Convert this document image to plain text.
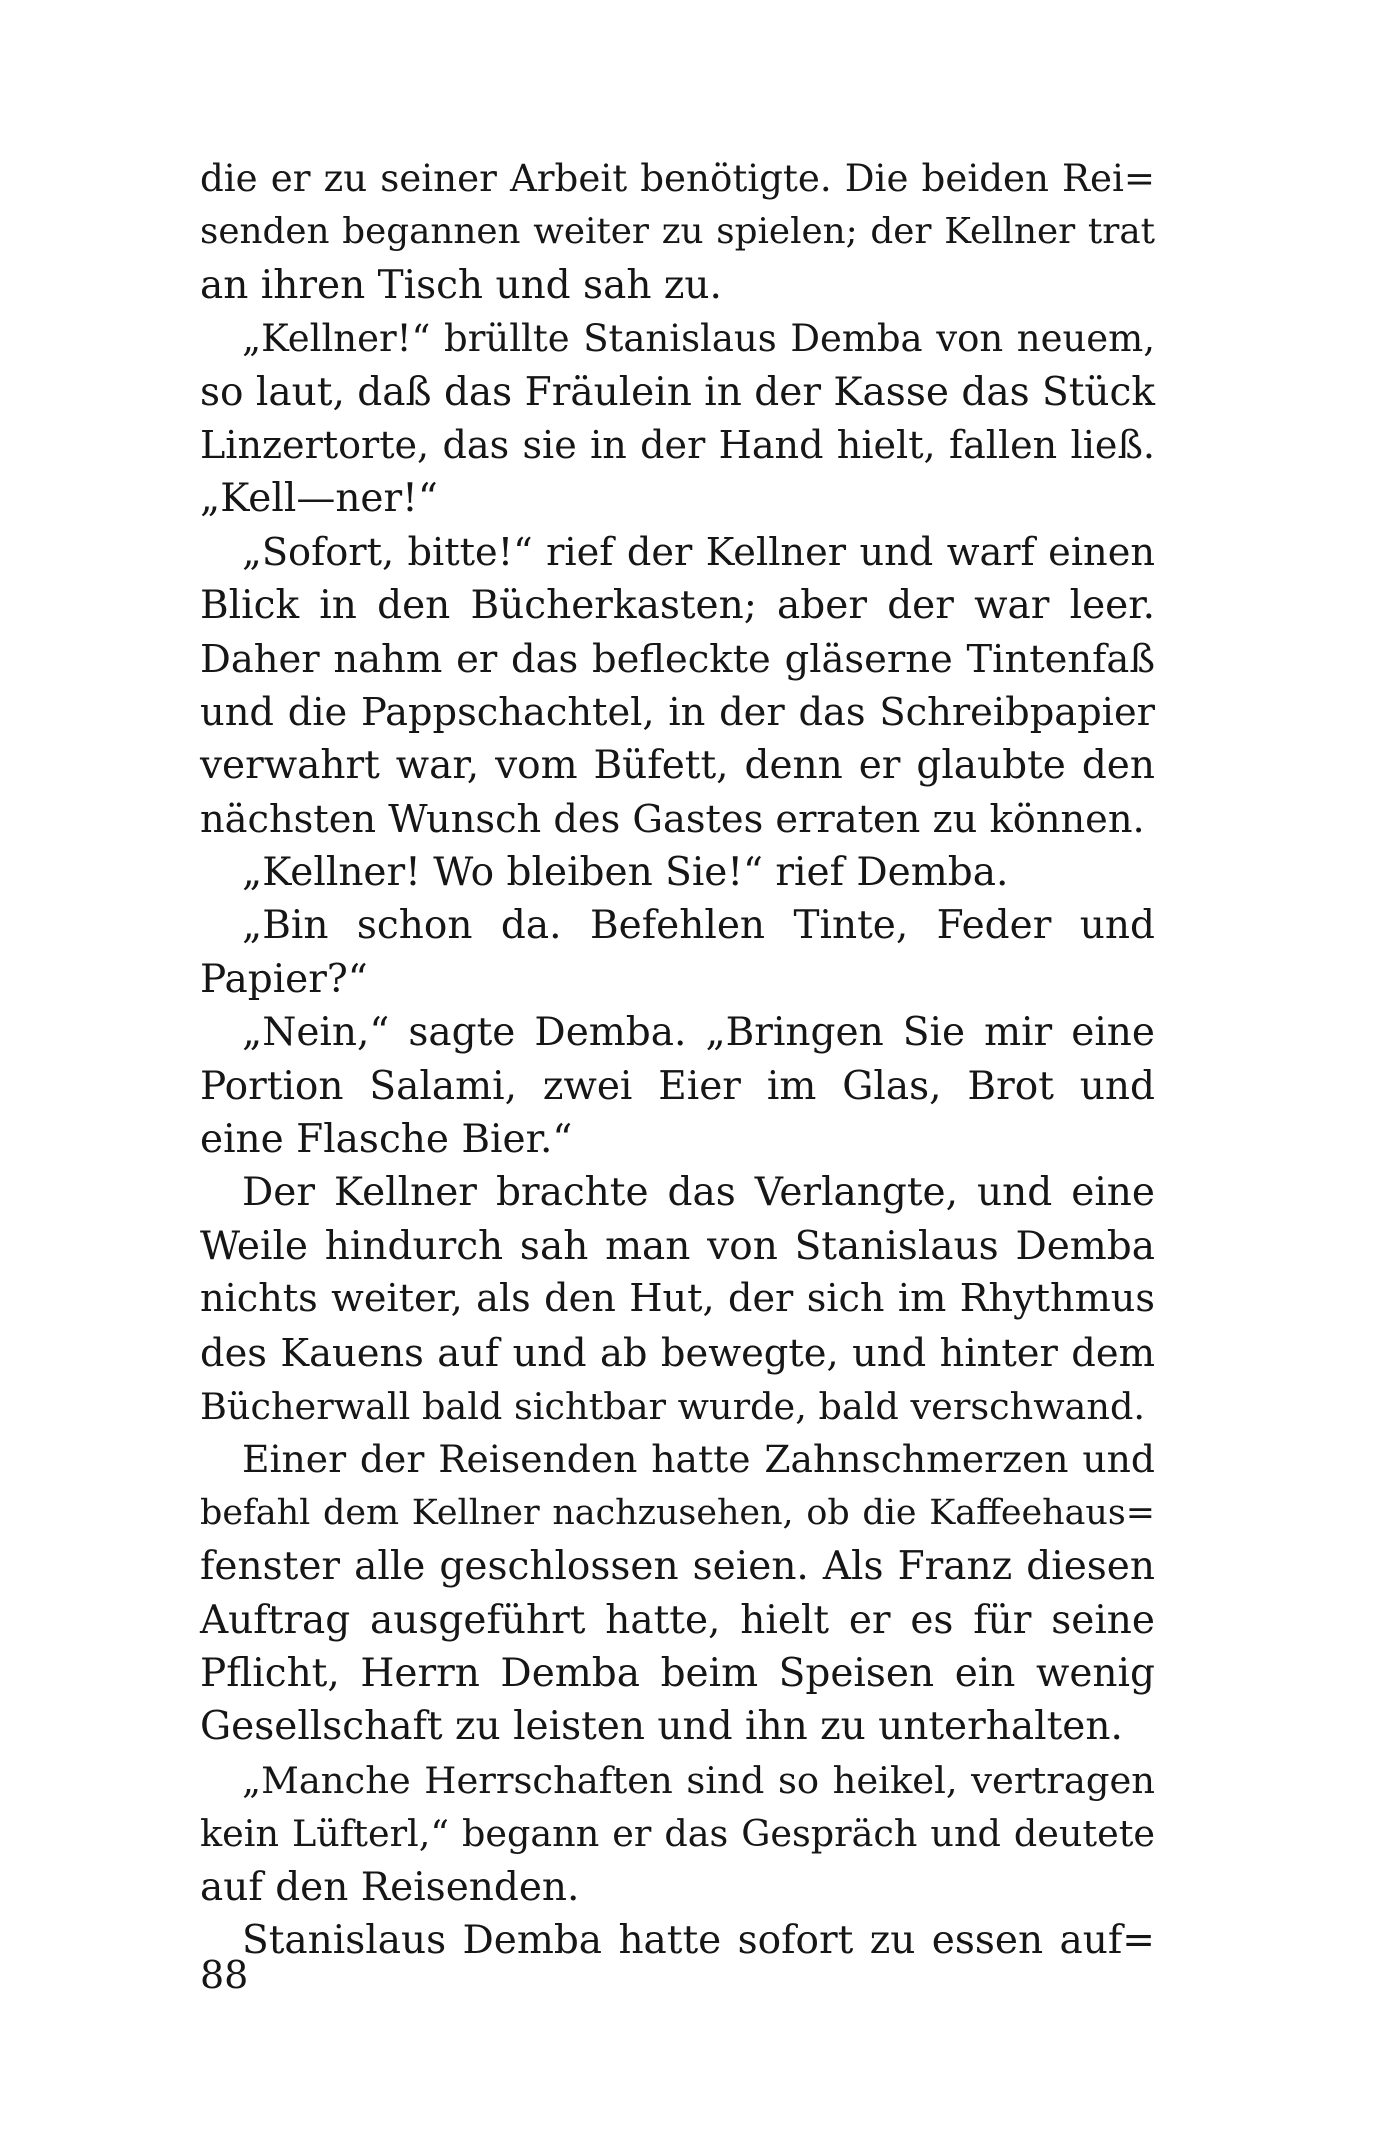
die er zu seiner Arbeit benötigte. Die beiden Rei=
senden begannen weiter zu spielen; der Kellner trat
an ihren Tisch und sah zu.
„Kellner!“ brüllte Stanislaus Demba von neuem,
so laut, daß das Fräulein in der Kasse das Stück
Linzertorte, das sie in der Hand hielt, fallen ließ.
„Kell—ner!“
„Sofort, bitte!“ rief der Kellner und warf einen
Blick in den Bücherkasten; aber der war leer.
Daher nahm er das befleckte gläserne Tintenfaß
und die Pappschachtel, in der das Schreibpapier
verwahrt war, vom Büfett, denn er glaubte den
nächsten Wunsch des Gastes erraten zu können.
„Kellner! Wo bleiben Sie!“ rief Demba.
„Bin schon da. Befehlen Tinte, Feder und
Papier?“
„Nein,“ sagte Demba. „Bringen Sie mir eine
Portion Salami, zwei Eier im Glas, Brot und
eine Flasche Bier.“
Der Kellner brachte das Verlangte, und eine
Weile hindurch sah man von Stanislaus Demba
nichts weiter, als den Hut, der sich im Rhythmus
des Kauens auf und ab bewegte, und hinter dem
Bücherwall bald sichtbar wurde, bald verschwand.
Einer der Reisenden hatte Zahnschmerzen und
befahl dem Kellner nachzusehen, ob die Kaffeehaus=
fenster alle geschlossen seien. Als Franz diesen
Auftrag ausgeführt hatte, hielt er es für seine
Pflicht, Herrn Demba beim Speisen ein wenig
Gesellschaft zu leisten und ihn zu unterhalten.
„Manche Herrschaften sind so heikel, vertragen
kein Lüfterl,“ begann er das Gespräch und deutete
auf den Reisenden.
Stanislaus Demba hatte sofort zu essen auf=
88
